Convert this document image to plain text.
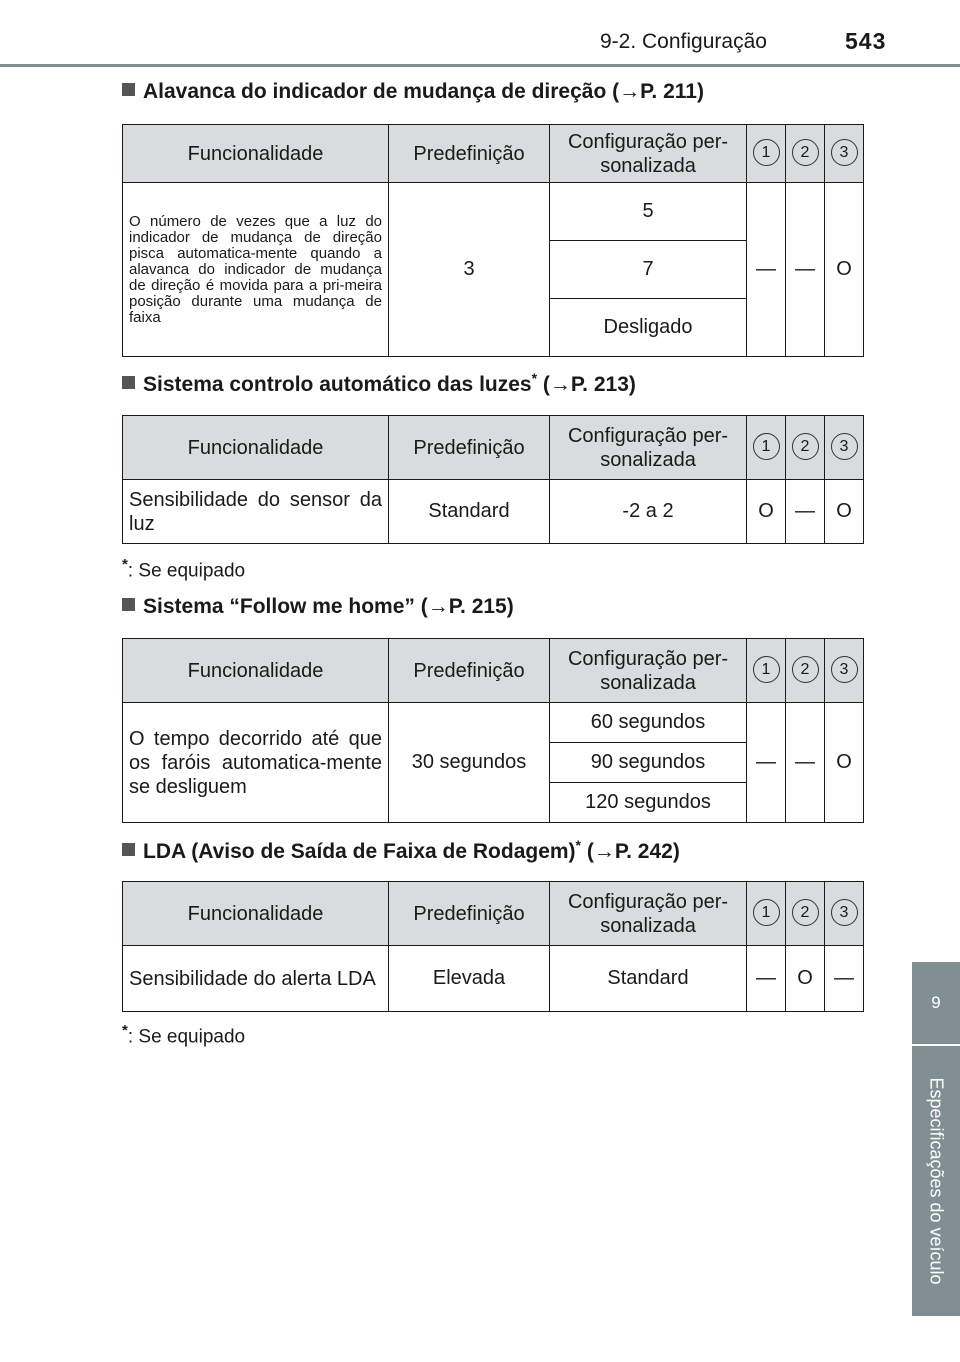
9-2. Configuração	543
9
Especificações do veículo
Alavanca do indicador de mudança de direção (→P. 211)
Funcionalidade	Predefinição	Configuração per-sonalizada	1	2	3
O número de vezes que a luz do indicador de mudança de direção pisca automatica-mente quando a alavanca do indicador de mudança de direção é movida para a pri-meira posição durante uma mudança de faixa	3	5	—	—	O
		7			
		Desligado			
Sistema controlo automático das luzes* (→P. 213)
Funcionalidade	Predefinição	Configuração per-sonalizada	1	2	3
Sensibilidade do sensor da luz	Standard	-2 a 2	O	—	O
*: Se equipado
Sistema “Follow me home” (→P. 215)
Funcionalidade	Predefinição	Configuração per-sonalizada	1	2	3
O tempo decorrido até que os faróis automatica-mente se desliguem	30 segundos	60 segundos	—	—	O
		90 segundos			
		120 segundos			
LDA (Aviso de Saída de Faixa de Rodagem)* (→P. 242)
Funcionalidade	Predefinição	Configuração per-sonalizada	1	2	3
Sensibilidade do alerta LDA	Elevada	Standard	—	O	—
*: Se equipado
